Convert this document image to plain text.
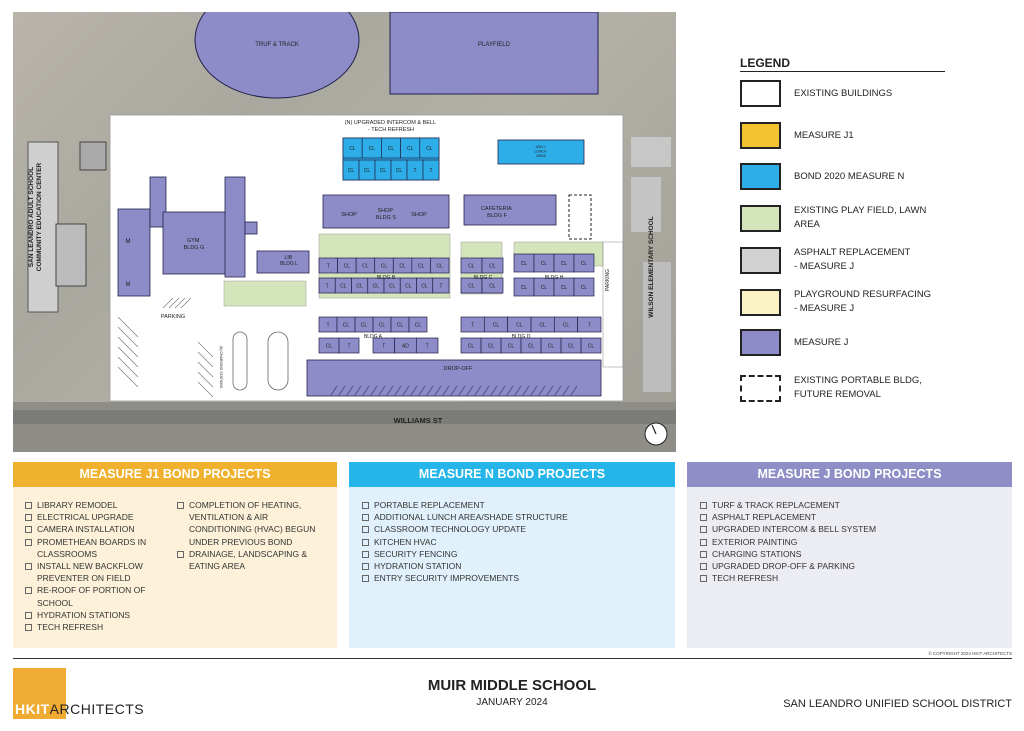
TRUF & TRACK	PLAYFIELD
PARKING
(N) CHARGING STATIONS	DROP-OFF
PARKING
CL	CL	CL	CL	CL
CL CL CL CL T	T
(N) UPGRADED INTERCOM & BELL - TECH REFRESH
ADD'L LUNCH AREA
GYM BLDG G
M
M
LIB BLDG L
SHOP
SHOP BLDG S	SHOP
CAFETERIA BLDG F
T	CL CL CL CL CL CL
T CL CL CL CL CL CL T
CL	CL
CL	CL
CL	CL	CL	CL
CL	CL	CL	CL
T	CL CL CL CL CL
CL	T	T	AD	T
T	CL	CL	CL	CL	T
CL	CL	CL	CL	CL	CL	CL
BLDG B	BLDG C	BLDG H
BLDG A	BLDG D
SAN LEANDRO ADULT SCHOOL COMMUNITY EDUCATION CENTER	WILSON ELEMENTARY SCHOOL
WILLIAMS ST
LEGEND
EXISTING BUILDINGS
MEASURE J1
BOND 2020 MEASURE N
EXISTING PLAY FIELD, LAWN AREA
ASPHALT REPLACEMENT
- MEASURE J
PLAYGROUND RESURFACING
- MEASURE J
MEASURE J
EXISTING PORTABLE BLDG,
FUTURE REMOVAL
MEASURE J1 BOND PROJECTS
LIBRARY REMODEL
ELECTRICAL UPGRADE
CAMERA INSTALLATION
PROMETHEAN BOARDS IN CLASSROOMS
INSTALL NEW BACKFLOW PREVENTER ON FIELD
RE-ROOF OF PORTION OF SCHOOL
HYDRATION STATIONS
TECH REFRESH
COMPLETION OF HEATING, VENTILATION & AIR CONDITIONING (HVAC) BEGUN UNDER PREVIOUS BOND
DRAINAGE, LANDSCAPING & EATING AREA
MEASURE N BOND PROJECTS
PORTABLE REPLACEMENT
ADDITIONAL LUNCH AREA/SHADE STRUCTURE
CLASSROOM TECHNOLOGY UPDATE
KITCHEN HVAC
SECURITY FENCING
HYDRATION STATION
ENTRY SECURITY IMPROVEMENTS
MEASURE J BOND PROJECTS
TURF & TRACK REPLACEMENT
ASPHALT REPLACEMENT
UPGRADED INTERCOM & BELL SYSTEM
EXTERIOR PAINTING
CHARGING STATIONS
UPGRADED DROP-OFF & PARKING
TECH REFRESH
© COPYRIGHT 2024 HKIT ARCHITECTS
HKITARCHITECTS
MUIR MIDDLE SCHOOL
JANUARY 2024	SAN LEANDRO UNIFIED SCHOOL DISTRICT
